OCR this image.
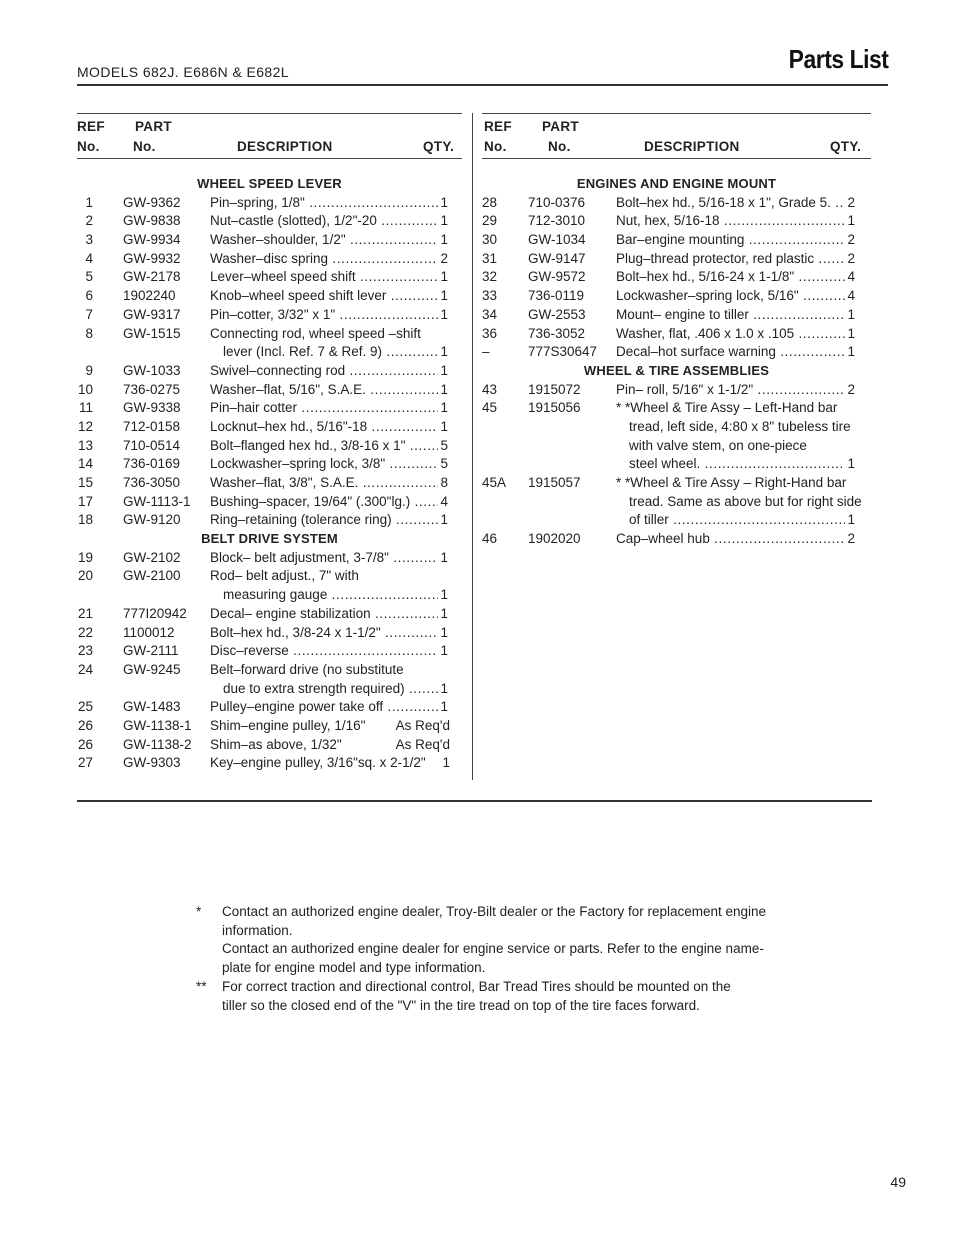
MODELS 682J. E686N & E682L	Parts List
REF
No.
PART
No.	DESCRIPTION	QTY.
WHEEL SPEED LEVER
1 GW-9362 Pin–spring, 1/8" .....	1
2 GW-9838 Nut–castle (slotted), 1/2"-20 .....	1
3 GW-9934 Washer–shoulder, 1/2" .....	1
4 GW-9932 Washer–disc spring .....	2
5 GW-2178 Lever–wheel speed shift .....	1
6 1902240	Knob–wheel speed shift lever .....	1
7 GW-9317 Pin–cotter, 3/32" x 1" .....	1
8 GW-1515 Connecting rod, wheel speed –shift
lever (Incl. Ref. 7 & Ref. 9) .....	1
9 GW-1033 Swivel–connecting rod .....	1
10 736-0275 Washer–flat, 5/16", S.A.E. .....	1
11 GW-9338 Pin–hair cotter .....	1
12 712-0158 Locknut–hex hd., 5/16"-18 .....	1
13 710-0514 Bolt–flanged hex hd., 3/8-16 x 1" .....	5
14 736-0169 Lockwasher–spring lock, 3/8" .....	5
15 736-3050 Washer–flat, 3/8", S.A.E. .....	8
17 GW-1113-1 Bushing–spacer, 19/64" (.300"lg.) .....	4
18 GW-9120 Ring–retaining (tolerance ring) .....	1
BELT DRIVE SYSTEM
19 GW-2102 Block– belt adjustment, 3-7/8" .....	1
20 GW-2100 Rod– belt adjust., 7" with
measuring gauge .....	1
21 777I20942 Decal– engine stabilization .....	1
22 1100012	Bolt–hex hd., 3/8-24 x 1-1/2" .....	1
23 GW-2111 Disc–reverse .....	1
24 GW-9245 Belt–forward drive (no substitute
due to extra strength required) .....	1
25 GW-1483 Pulley–engine power take off .....	1
26 GW-1138-1 Shim–engine pulley, 1/16"	As Req'd
26 GW-1138-2 Shim–as above, 1/32"	As Req'd
27 GW-9303 Key–engine pulley, 3/16"sq. x 2-1/2"	1
REF
No.
PART
No.	DESCRIPTION	QTY.
ENGINES AND ENGINE MOUNT
28	710-0376 Bolt–hex hd., 5/16-18 x 1", Grade 5. .....	2
29	712-3010 Nut, hex, 5/16-18 .....	1
30	GW-1034 Bar–engine mounting .....	2
31	GW-9147 Plug–thread protector, red plastic .....	2
32	GW-9572 Bolt–hex hd., 5/16-24 x 1-1/8" .....	4
33	736-0119 Lockwasher–spring lock, 5/16" .....	4
34	GW-2553 Mount– engine to tiller .....	1
36	736-3052 Washer, flat, .406 x 1.0 x .105 .....	1
–	777S30647 Decal–hot surface warning .....	1
WHEEL & TIRE ASSEMBLIES
43	1915072	Pin– roll, 5/16" x 1-1/2" .....	2
45	1915056	* *Wheel & Tire Assy – Left-Hand bar
tread, left side, 4:80 x 8" tubeless tire
with valve stem, on one-piece
steel wheel. .....	1
45A	1915057	* *Wheel & Tire Assy – Right-Hand bar
tread. Same as above but for right side
of tiller .....	1
46	1902020	Cap–wheel hub .....	2
* Contact an authorized engine dealer, Troy-Bilt dealer or the Factory for replacement engine
information.
Contact an authorized engine dealer for engine service or parts. Refer to the engine name-
plate for engine model and type information.
** For correct traction and directional control, Bar Tread Tires should be mounted on the
tiller so the closed end of the "V" in the tire tread on top of the tire faces forward.
49
